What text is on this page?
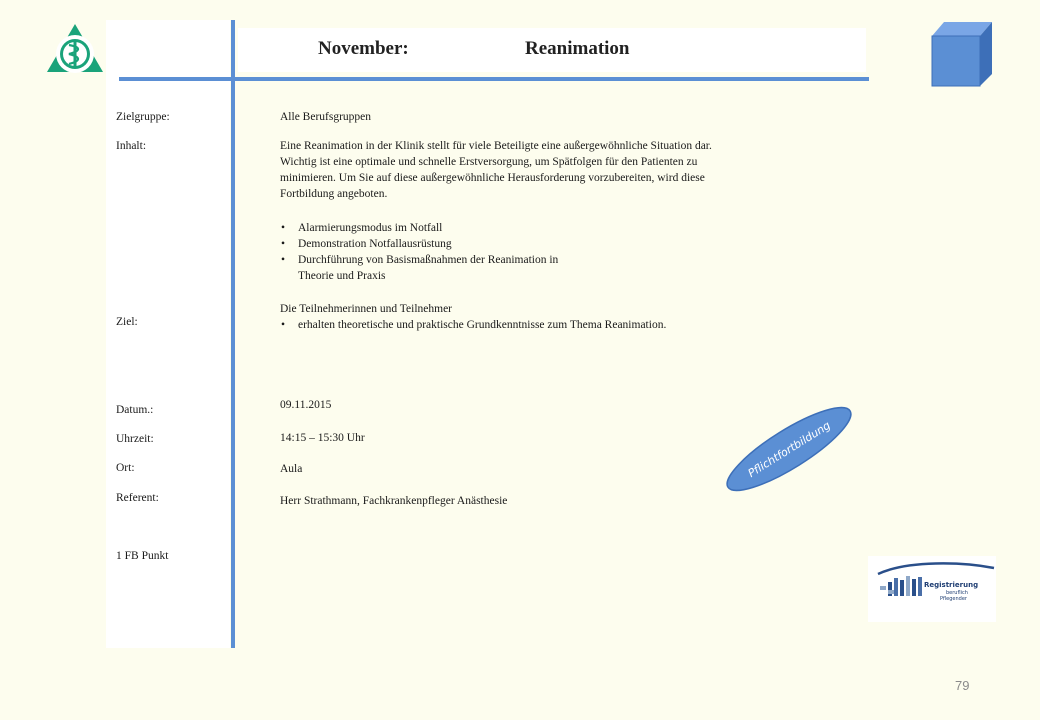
November:	Reanimation
Zielgruppe:
Inhalt:
Ziel:
Datum.:
Uhrzeit:
Ort:
Referent:
1 FB Punkt
Alle Berufsgruppen
Eine Reanimation in der Klinik stellt für viele Beteiligte eine außergewöhnliche Situation dar.
Wichtig ist eine optimale und schnelle Erstversorgung, um Spätfolgen für den Patienten zu
minimieren. Um Sie auf diese außergewöhnliche Herausforderung vorzubereiten, wird diese
Fortbildung angeboten.
• Alarmierungsmodus im Notfall
• Demonstration Notfallausrüstung
• Durchführung von Basismaßnahmen der Reanimation in
Theorie und Praxis
Die Teilnehmerinnen und Teilnehmer
• erhalten theoretische und praktische Grundkenntnisse zum Thema Reanimation.
09.11.2015
14:15 – 15:30 Uhr
Aula
Herr Strathmann, Fachkrankenpfleger Anästhesie
Pflichtfortbildung
Registrierung
beruflich
Pflegender
79
